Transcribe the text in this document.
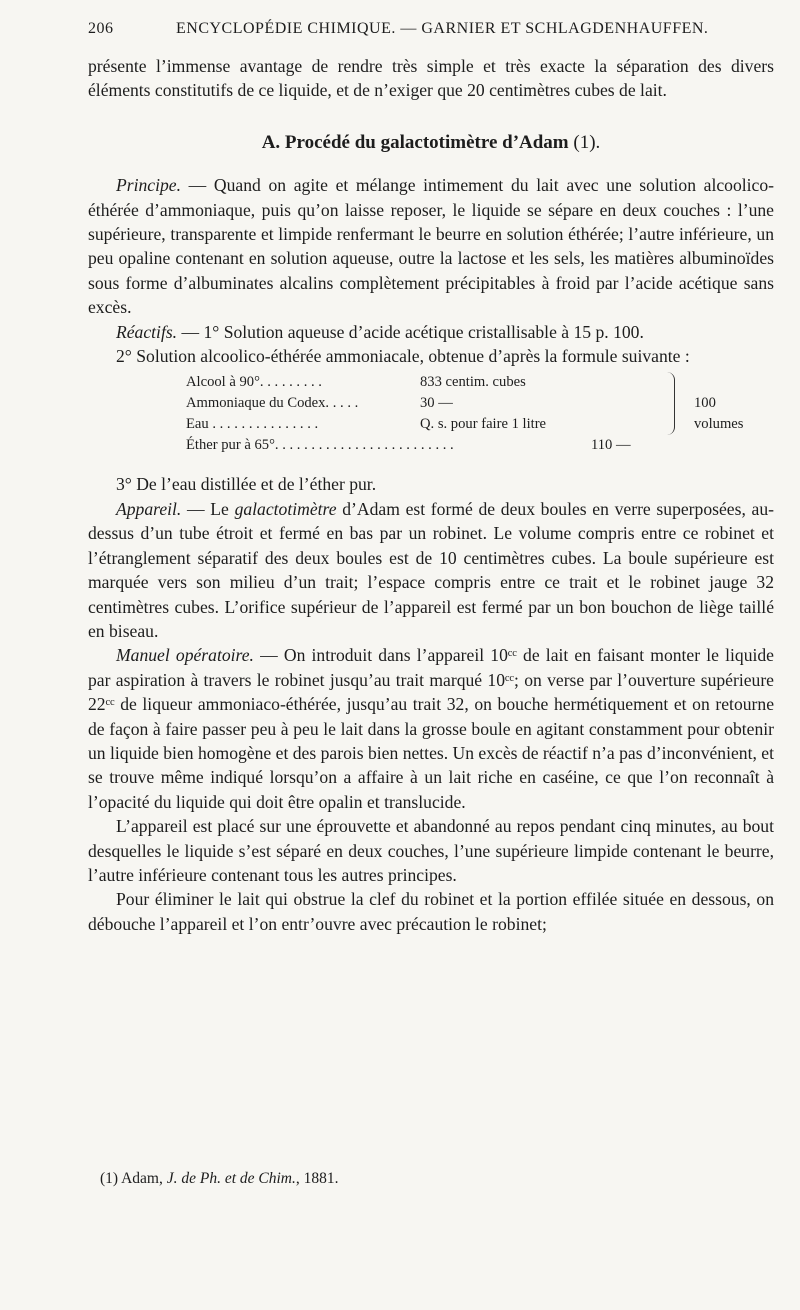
206	ENCYCLOPÉDIE CHIMIQUE. — GARNIER ET SCHLAGDENHAUFFEN.

présente l’immense avantage de rendre très simple et très exacte la séparation des divers éléments constitutifs de ce liquide, et de n’exiger que 20 centimètres cubes de lait.

A. Procédé du galactotimètre d’Adam (1).

Principe. — Quand on agite et mélange intimement du lait avec une solution alcoolico-éthérée d’ammoniaque, puis qu’on laisse reposer, le liquide se sépare en deux couches : l’une supérieure, transparente et limpide renfermant le beurre en solution éthérée; l’autre inférieure, un peu opaline contenant en solution aqueuse, outre la lactose et les sels, les matières albuminoïdes sous forme d’albuminates alcalins complètement précipitables à froid par l’acide acétique sans excès.

Réactifs. — 1° Solution aqueuse d’acide acétique cristallisable à 15 p. 100.

2° Solution alcoolico-éthérée ammoniacale, obtenue d’après la formule suivante :

Alcool à 90°. . . . . . . . .	833 centim. cubes
Ammoniaque du Codex. . . . .	30 —
Eau . . . . . . . . . . . . . . .	Q. s. pour faire 1 litre
Éther pur à 65°. . . . . . . . . . . . . . . . . . . . . . . . .	110 —
100 volumes

3° De l’eau distillée et de l’éther pur.

Appareil. — Le galactotimètre d’Adam est formé de deux boules en verre superposées, au-dessus d’un tube étroit et fermé en bas par un robinet. Le volume compris entre ce robinet et l’étranglement séparatif des deux boules est de 10 centimètres cubes. La boule supérieure est marquée vers son milieu d’un trait; l’espace compris entre ce trait et le robinet jauge 32 centimètres cubes. L’orifice supérieur de l’appareil est fermé par un bon bouchon de liège taillé en biseau.

Manuel opératoire. — On introduit dans l’appareil 10ᶜᶜ de lait en faisant monter le liquide par aspiration à travers le robinet jusqu’au trait marqué 10ᶜᶜ; on verse par l’ouverture supérieure 22ᶜᶜ de liqueur ammoniaco-éthérée, jusqu’au trait 32, on bouche hermétiquement et on retourne de façon à faire passer peu à peu le lait dans la grosse boule en agitant constamment pour obtenir un liquide bien homogène et des parois bien nettes. Un excès de réactif n’a pas d’inconvénient, et se trouve même indiqué lorsqu’on a affaire à un lait riche en caséine, ce que l’on reconnaît à l’opacité du liquide qui doit être opalin et translucide.

L’appareil est placé sur une éprouvette et abandonné au repos pendant cinq minutes, au bout desquelles le liquide s’est séparé en deux couches, l’une supérieure limpide contenant le beurre, l’autre inférieure contenant tous les autres principes.

Pour éliminer le lait qui obstrue la clef du robinet et la portion effilée située en dessous, on débouche l’appareil et l’on entr’ouvre avec précaution le robinet;

(1) Adam, J. de Ph. et de Chim., 1881.
